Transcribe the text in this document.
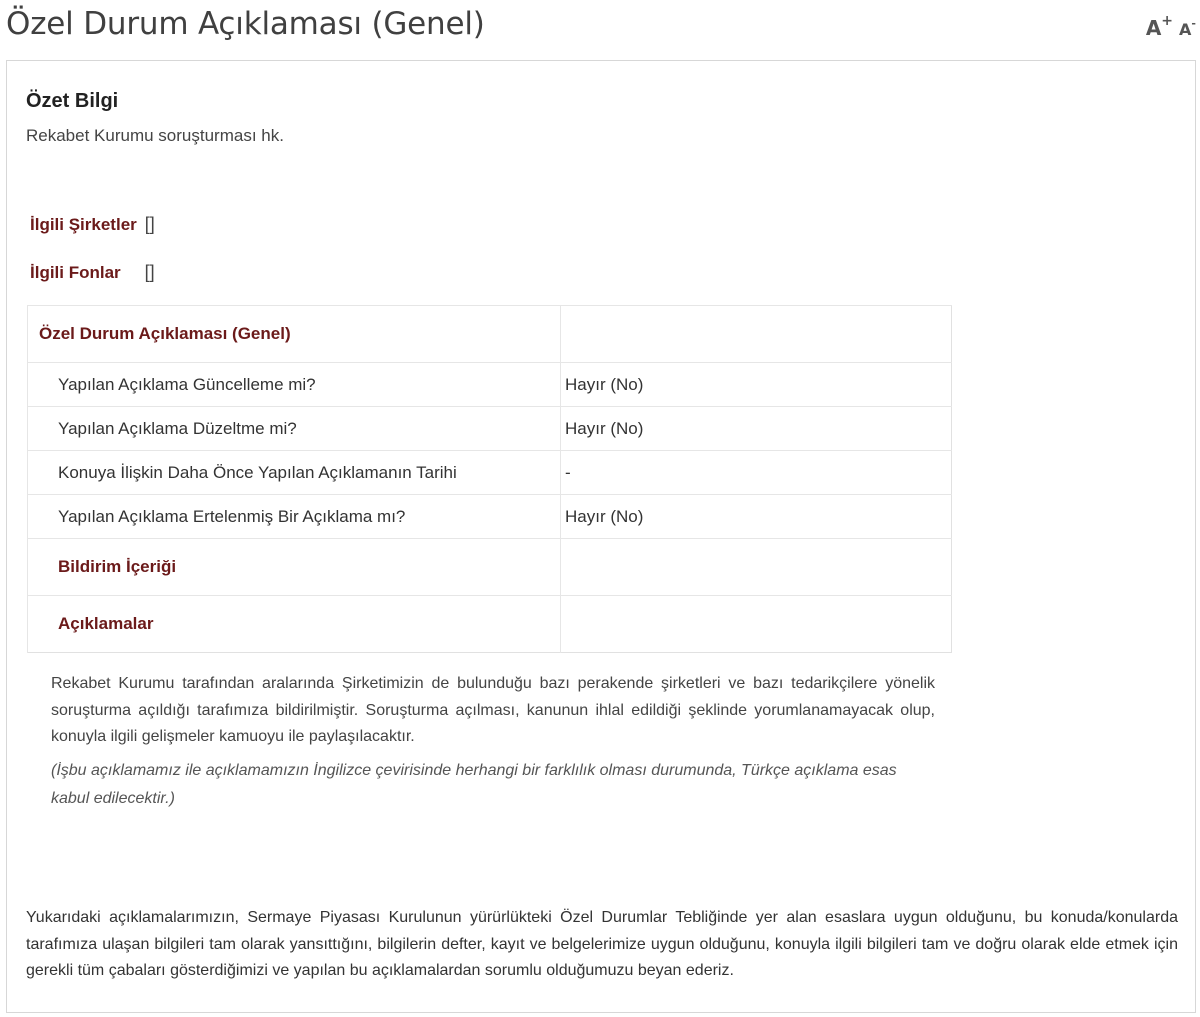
Özel Durum Açıklaması (Genel)	A + A-
Özet Bilgi
Rekabet Kurumu soruşturması hk.
İlgili Şirketler []
İlgili Fonlar []
Özel Durum Açıklaması (Genel)	
Yapılan Açıklama Güncelleme mi?	Hayır (No)
Yapılan Açıklama Düzeltme mi?	Hayır (No)
Konuya İlişkin Daha Önce Yapılan Açıklamanın Tarihi	-
Yapılan Açıklama Ertelenmiş Bir Açıklama mı?	Hayır (No)
Bildirim İçeriği	
Açıklamalar	

Rekabet Kurumu tarafından aralarında Şirketimizin de bulunduğu bazı perakende şirketleri ve bazı tedarikçilere yönelik soruşturma açıldığı tarafımıza bildirilmiştir. Soruşturma açılması, kanunun ihlal edildiği şeklinde yorumlanamayacak olup, konuyla ilgili gelişmeler kamuoyu ile paylaşılacaktır.

(İşbu açıklamamız ile açıklamamızın İngilizce çevirisinde herhangi bir farklılık olması durumunda, Türkçe açıklama esas kabul edilecektir.)

Yukarıdaki açıklamalarımızın, Sermaye Piyasası Kurulunun yürürlükteki Özel Durumlar Tebliğinde yer alan esaslara uygun olduğunu, bu konuda/konularda tarafımıza ulaşan bilgileri tam olarak yansıttığını, bilgilerin defter, kayıt ve belgelerimize uygun olduğunu, konuyla ilgili bilgileri tam ve doğru olarak elde etmek için gerekli tüm çabaları gösterdiğimizi ve yapılan bu açıklamalardan sorumlu olduğumuzu beyan ederiz.
